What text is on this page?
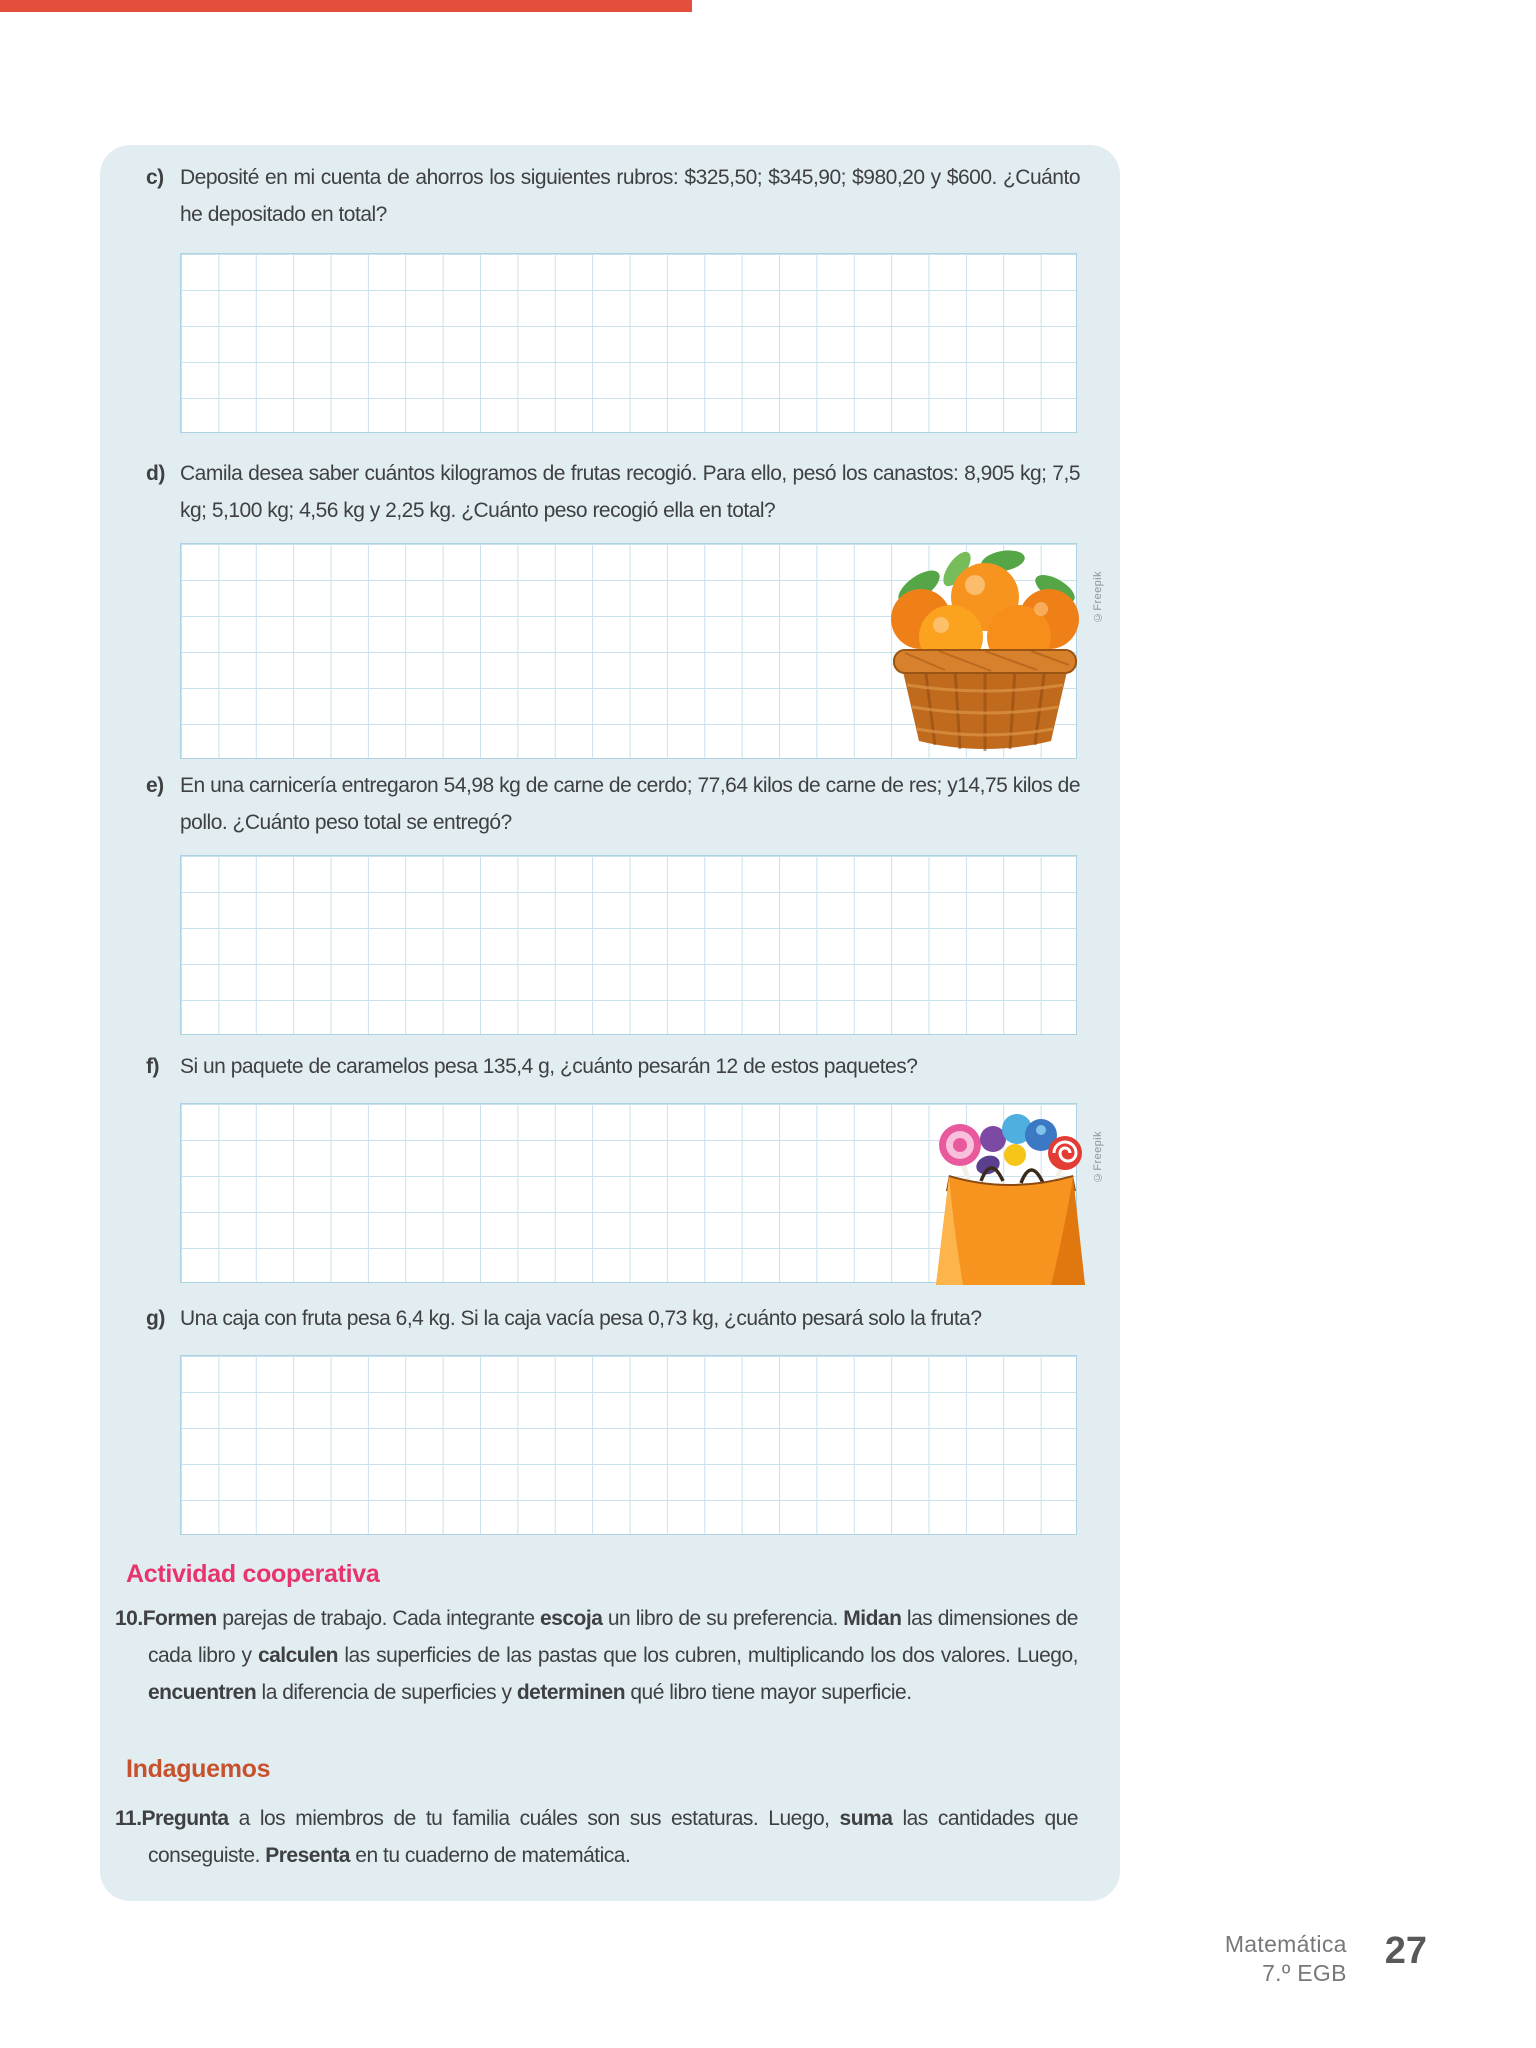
c) Deposité en mi cuenta de ahorros los siguientes rubros: $325,50; $345,90; $980,20 y $600. ¿Cuánto he depositado en total?
d) Camila desea saber cuántos kilogramos de frutas recogió. Para ello, pesó los canastos: 8,905 kg; 7,5 kg; 5,100 kg; 4,56 kg y 2,25 kg. ¿Cuánto peso recogió ella en total?
©Freepik
e) En una carnicería entregaron 54,98 kg de carne de cerdo; 77,64 kilos de carne de res; y14,75 kilos de pollo. ¿Cuánto peso total se entregó?
f)	Si un paquete de caramelos pesa 135,4 g, ¿cuánto pesarán 12 de estos paquetes?
©Freepik
g) Una caja con fruta pesa 6,4 kg. Si la caja vacía pesa 0,73 kg, ¿cuánto pesará solo la fruta?
Actividad cooperativa
10.Formen parejas de trabajo. Cada integrante escoja un libro de su preferencia. Midan las dimensiones de cada libro y calculen las superficies de las pastas que los cubren, multiplicando los dos valores. Luego, encuentren la diferencia de superficies y determinen qué libro tiene mayor superficie.
Indaguemos
11.Pregunta a los miembros de tu familia cuáles son sus estaturas. Luego, suma las cantidades que conseguiste. Presenta en tu cuaderno de matemática.
Matemática
7.º EGB
27
